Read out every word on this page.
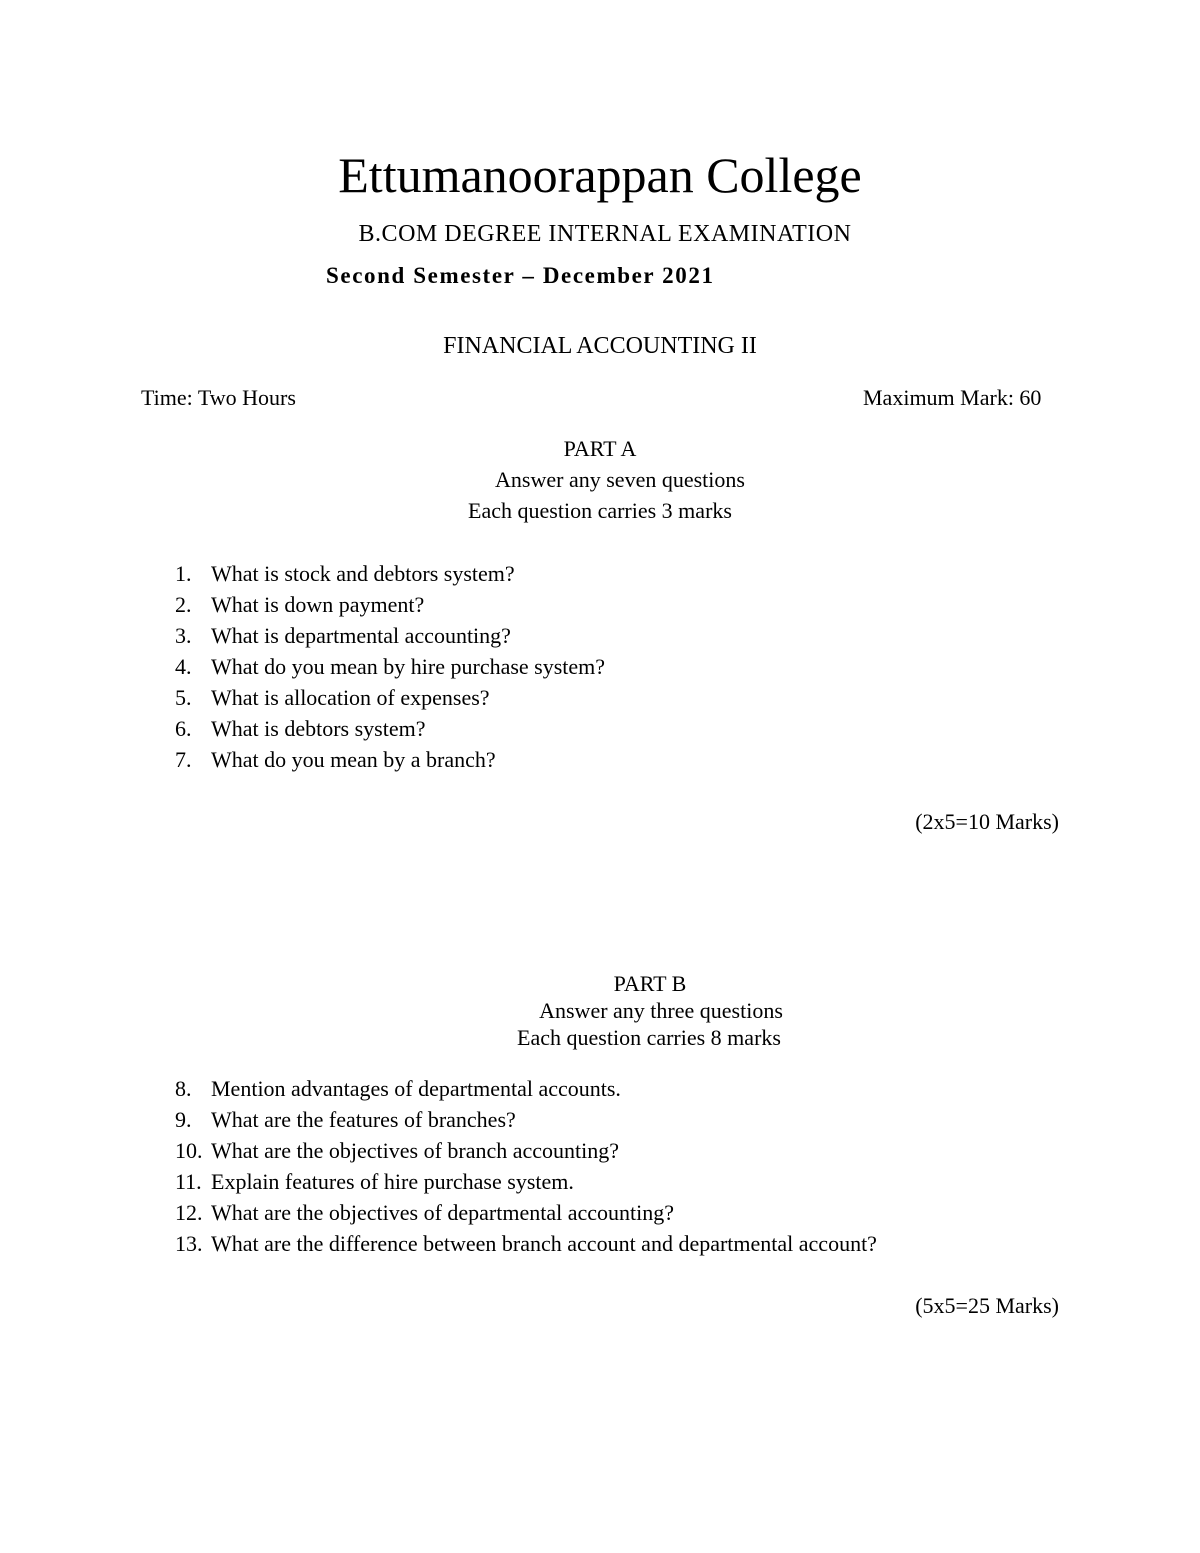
Ettumanoorappan College
B.COM DEGREE INTERNAL EXAMINATION
Second Semester – December 2021
FINANCIAL ACCOUNTING II
Time: Two Hours	Maximum Mark: 60
PART A
Answer any seven questions
Each question carries 3 marks
1. What is stock and debtors system?
2. What is down payment?
3. What is departmental accounting?
4. What do you mean by hire purchase system?
5. What is allocation of expenses?
6. What is debtors system?
7. What do you mean by a branch?
(2x5=10 Marks)
PART B
Answer any three questions
Each question carries 8 marks
8. Mention advantages of departmental accounts.
9. What are the features of branches?
10. What are the objectives of branch accounting?
11. Explain features of hire purchase system.
12. What are the objectives of departmental accounting?
13. What are the difference between branch account and departmental account?
(5x5=25 Marks)
